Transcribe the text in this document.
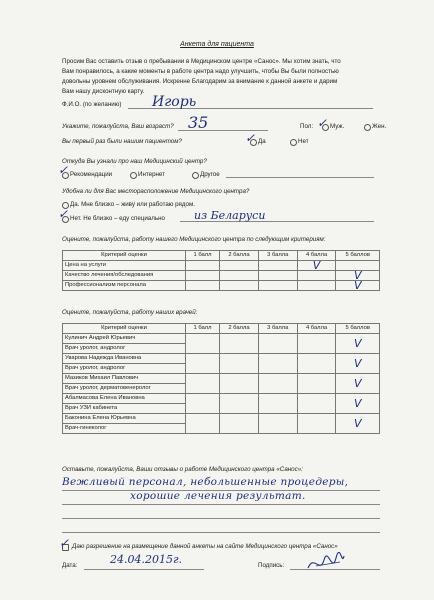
Анкета для пациента
Просим Вас оставить отзыв о пребывании в Медицинском центре «Санос». Мы хотим знать, что
Вам понравилось, а какие моменты в работе центра надо улучшить, чтобы Вы были полностью
довольны уровнем обслуживания. Искренне Благодарим за внимание к данной анкете и дарим
Вам нашу дисконтную карту.
Ф.И.О. (по желанию) Игорь
Укажите, пожалуйста, Ваш возраст? 35	Пол: ✓ Муж.	Жен.
Вы первый раз были нашим пациентом?	✓ Да	Нет
Откуда Вы узнали про наш Медицинский центр?
✓ Рекомендации	Интернет	Другое
Удобна ли для Вас месторасположение Медицинского центра?
Да. Мне близко – живу или работаю рядом.
✓ Нет. Не близко – еду специально	из Беларуси
Оцените, пожалуйста, работу нашего Медицинского центра по следующим критериям:
Критерий оценки	1 балл	2 балла	3 балла	4 балла	5 баллов
Цена на услуги				V	
Качество лечения/обследования					V
Профессионализм персонала					V
Оцените, пожалуйста, работу наших врачей:
Критерий оценки	1 балл	2 балла	3 балла	4 балла	5 баллов
Кулинич Андрей Юрьевич					V
Врач уролог, андролог					
Уварова Надежда Ивановна					V
Врач уролог, андролог					
Мазиков Михаил Павлович					V
Врач уролог, дерматовенеролог					
Абалмасова Елена Ивановна					V
Врач УЗИ кабинета					
Баконина Елена Юрьевна					V
Врач-гинеколог					
Оставьте, пожалуйста, Ваши отзывы о работе Медицинского центра «Санос»:
Вежливый персонал, небольшенные процедеры,
хорошие лечения результат.
✓ Даю разрешение на размещение данной анкеты на сайте Медицинского центра «Санос»
Дата:	24.04.2015г.	Подпись:
